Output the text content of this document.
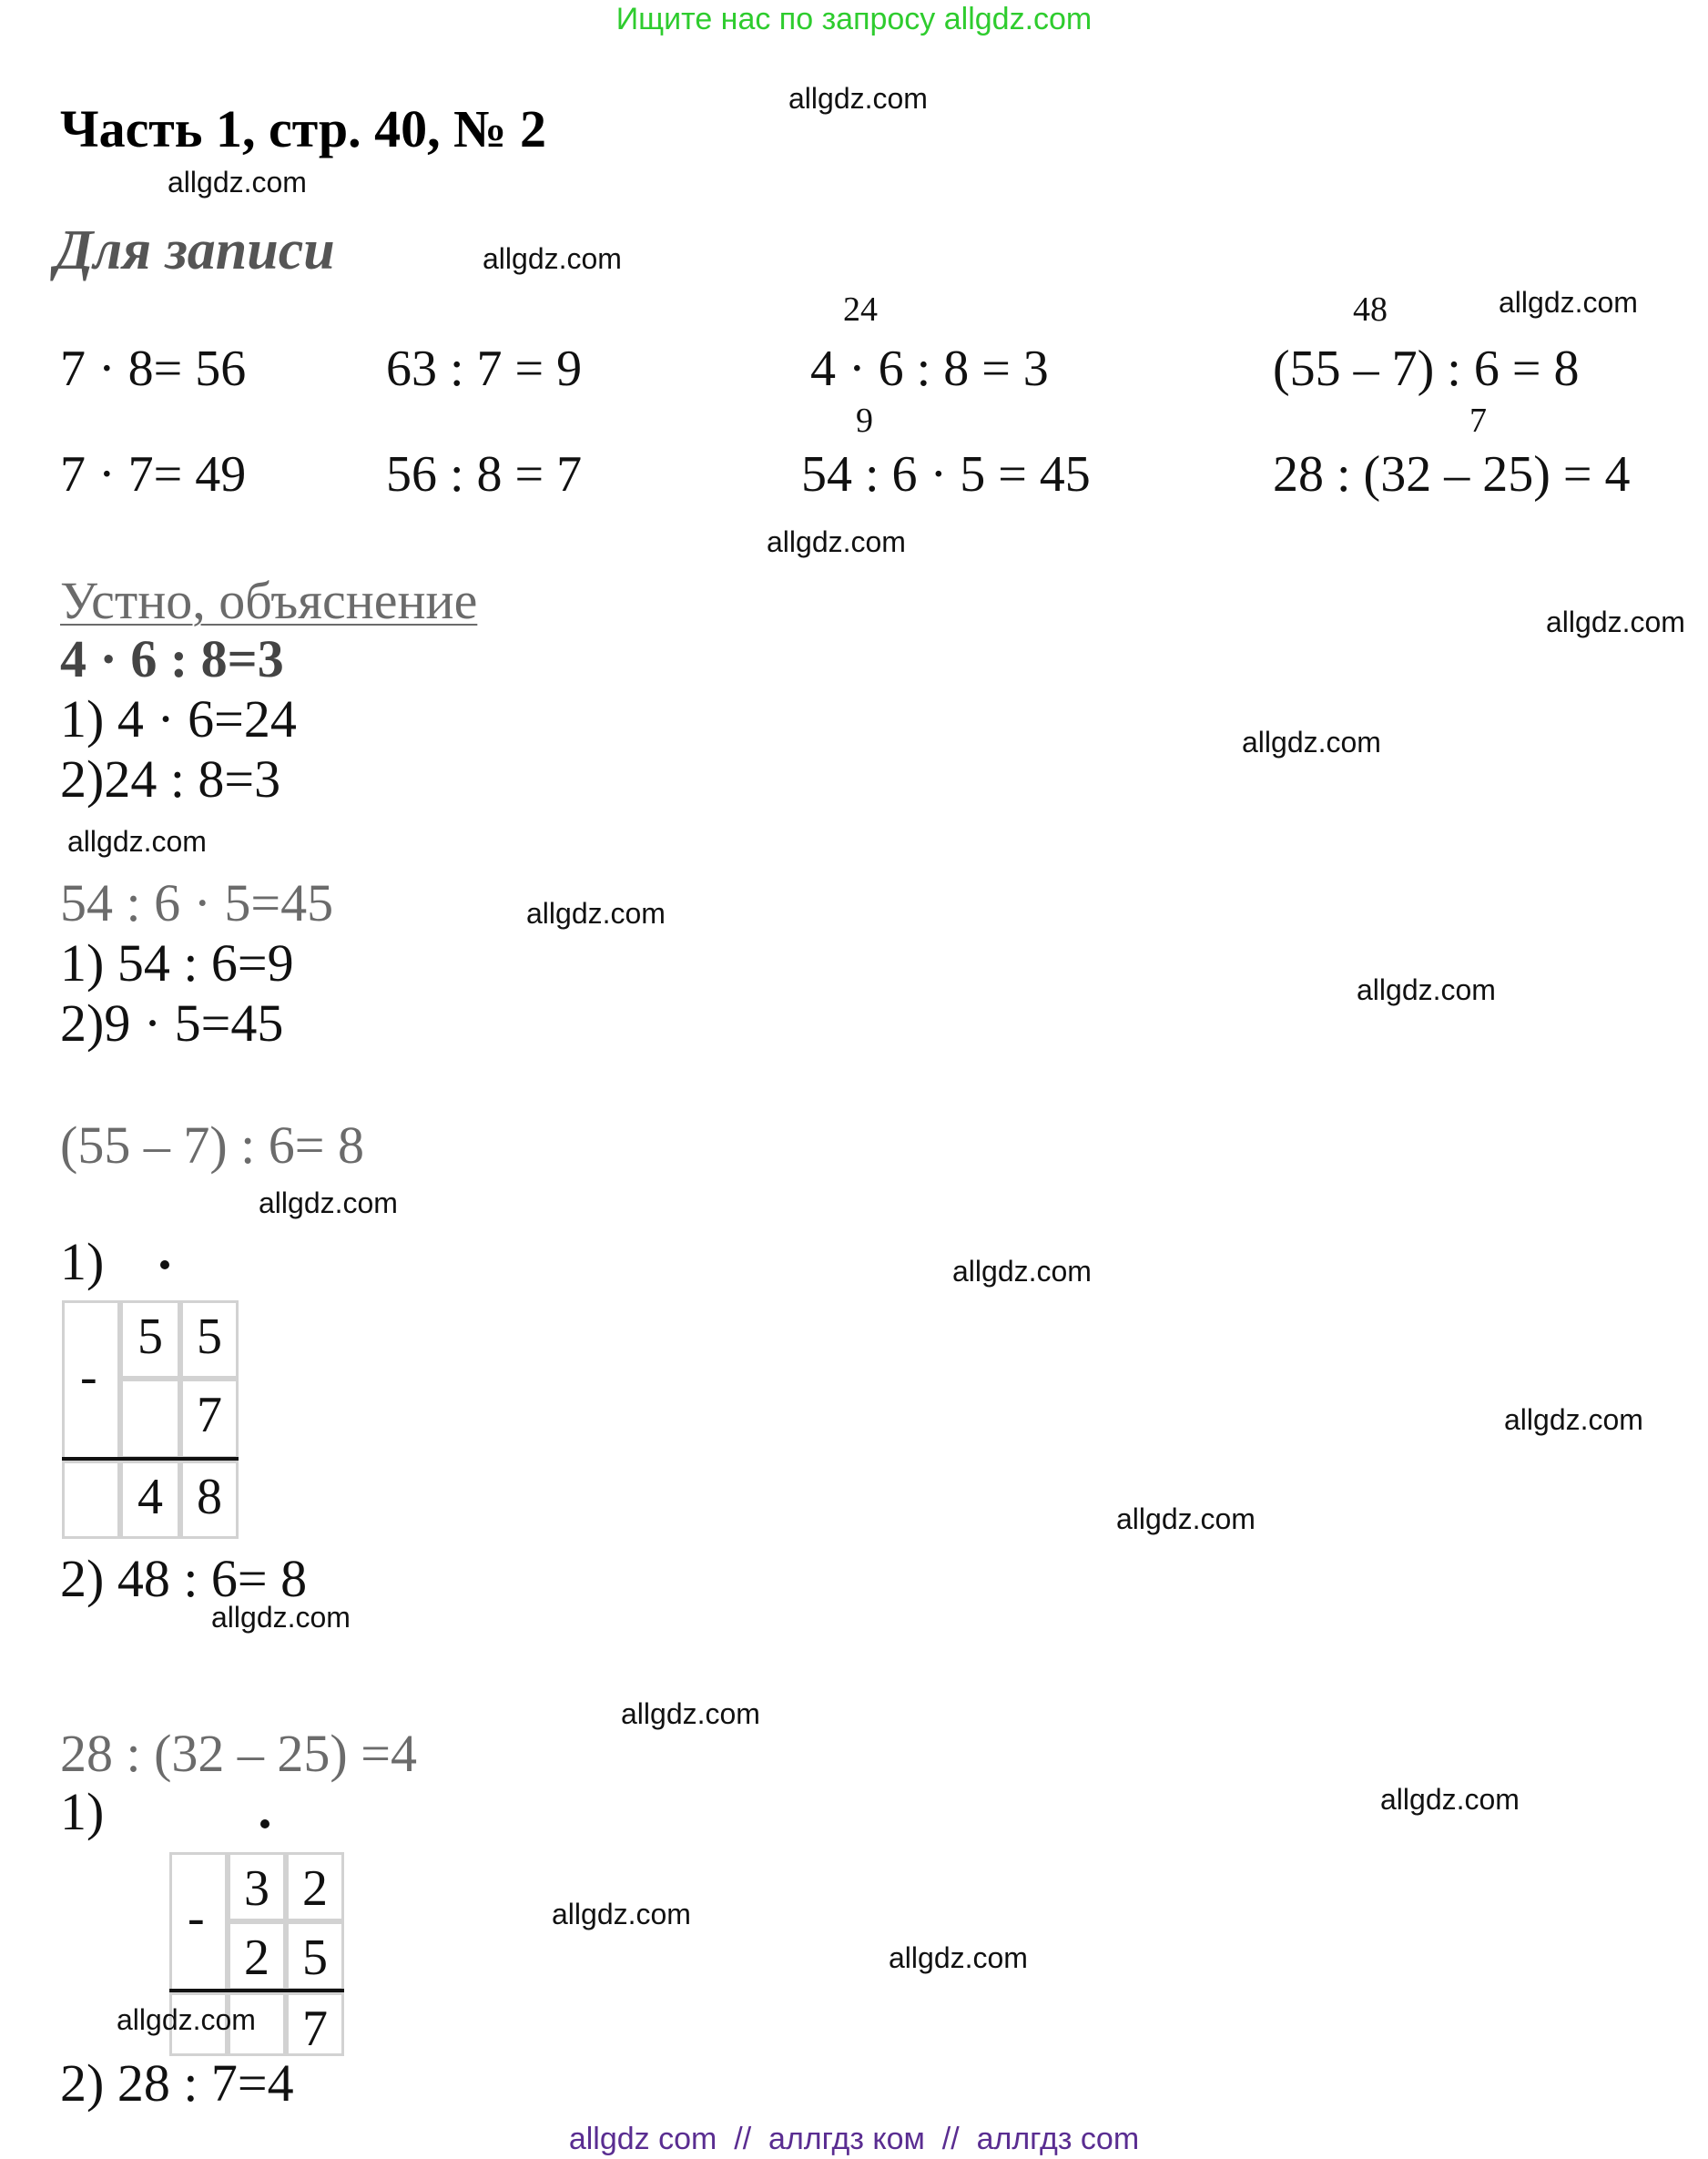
Ищите нас по запросу allgdz.com
Часть 1, стр. 40, № 2
Для записи
allgdz.com
allgdz.com
allgdz.com
allgdz.com
allgdz.com
allgdz.com
allgdz.com
allgdz.com
allgdz.com
allgdz.com
allgdz.com
allgdz.com
allgdz.com
allgdz.com
allgdz.com
allgdz.com
allgdz.com
allgdz.com
allgdz.com
7 · 8= 56	63 : 7 = 9
24
4 · 6 : 8 = 3
48
(55 – 7) : 6 = 8
7 · 7= 49	56 : 8 = 7
9
54 : 6 · 5 = 45
7
28 : (32 – 25) = 4
Устно, объяснение
4 · 6 : 8=3
1) 4 · 6=24
2)24 : 8=3
54 : 6 · 5=45
1) 54 : 6=9
2)9 · 5=45
(55 – 7) : 6= 8
1)
-
5 5
7
4 8
2) 48 : 6= 8
28 : (32 – 25) =4
1)
-
3 2
2 5
7
allgdz.com
2) 28 : 7=4
allgdz com  //  аллгдз ком  //  аллгдз com
